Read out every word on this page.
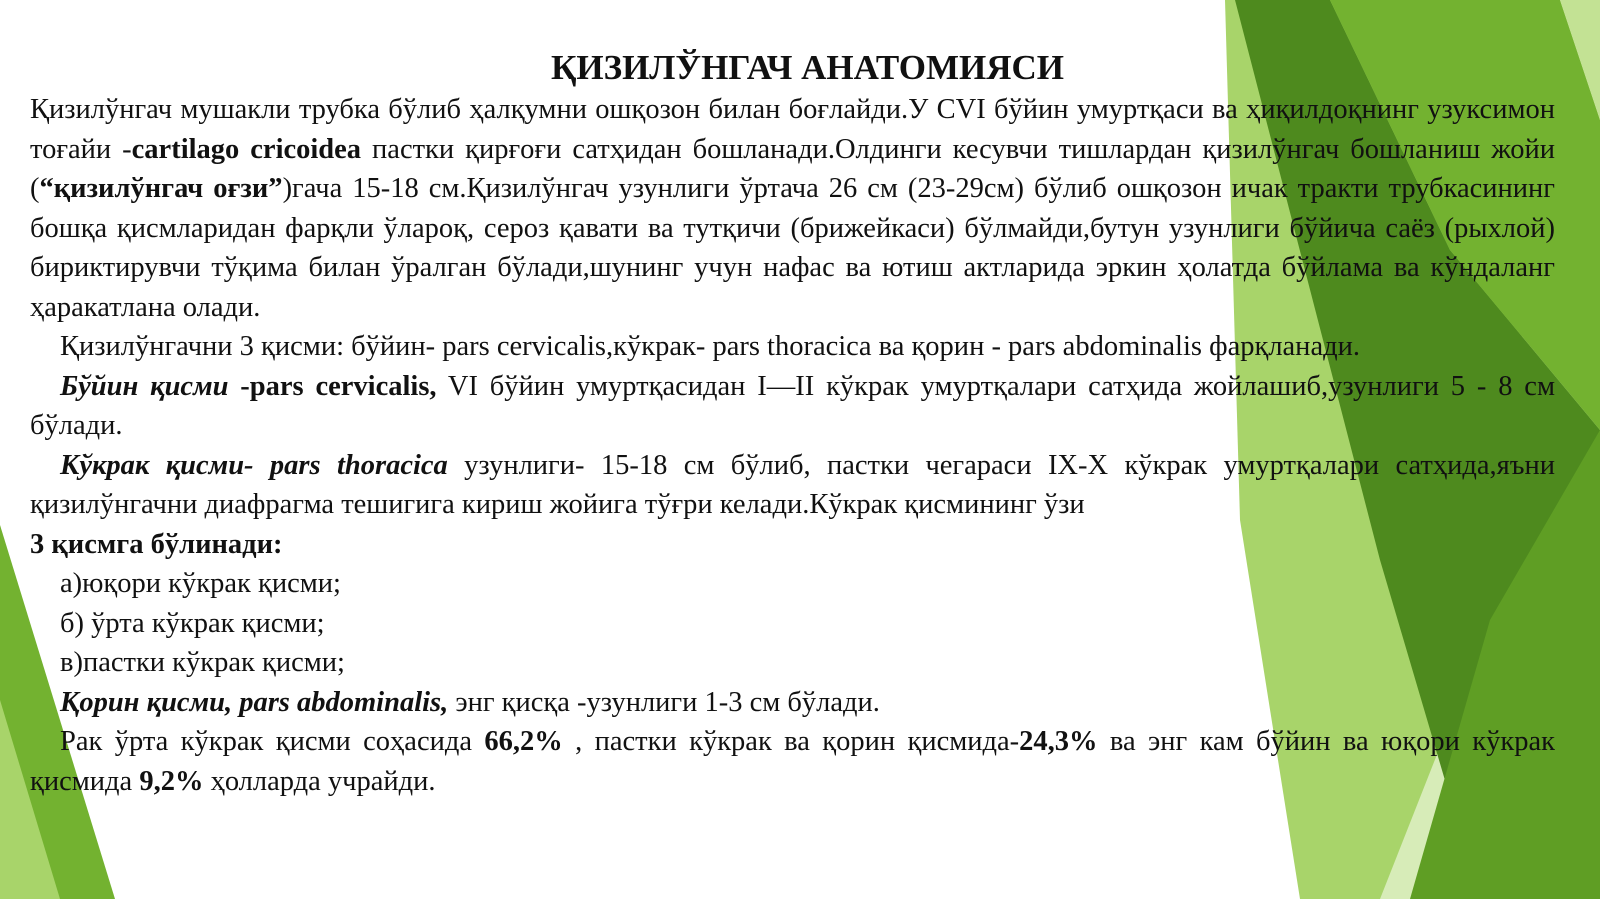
ҚИЗИЛЎНГАЧ АНАТОМИЯСИ

Қизилўнгач мушакли трубка бўлиб ҳалқумни ошқозон билан боғлайди.У CVI бўйин умуртқаси ва ҳиқилдоқнинг узуксимон тоғайи -cartilago cricoidea пастки қирғоғи сатҳидан бошланади.Олдинги кесувчи тишлардан қизилўнгач бошланиш жойи (“қизилўнгач оғзи”)гача 15-18 см.Қизилўнгач узунлиги ўртача 26 см (23-29см) бўлиб ошқозон ичак тракти трубкасининг бошқа қисмларидан фарқли ўлароқ, сероз қавати ва тутқичи (брижейкаси) бўлмайди,бутун узунлиги бўйича саёз (рыхлой) бириктирувчи тўқима билан ўралган бўлади,шунинг учун нафас ва ютиш актларида эркин ҳолатда бўйлама ва кўндаланг ҳаракатлана олади.

Қизилўнгачни 3 қисми: бўйин- pars cervicalis,кўкрак- pars thoracica ва қорин - pars abdominalis фарқланади.

Бўйин қисми -pars cervicalis, VI бўйин умуртқасидан I—II кўкрак умуртқалари сатҳида жойлашиб,узунлиги 5 - 8 см бўлади.

Кўкрак қисми- pars thoracica узунлиги- 15-18 см бўлиб, пастки чегараси IX-X кўкрак умуртқалари сатҳида,яъни қизилўнгачни диафрагма тешигига кириш жойига тўғри келади.Кўкрак қисмининг ўзи

3 қисмга бўлинади:

а)юқори кўкрак қисми;

б) ўрта кўкрак қисми;

в)пастки кўкрак қисми;

Қорин қисми, pars abdominalis, энг қисқа -узунлиги 1-3 см бўлади.

Рак ўрта кўкрак қисми соҳасида 66,2% , пастки кўкрак ва қорин қисмида-24,3% ва энг кам бўйин ва юқори кўкрак қисмида 9,2% ҳолларда учрайди.
